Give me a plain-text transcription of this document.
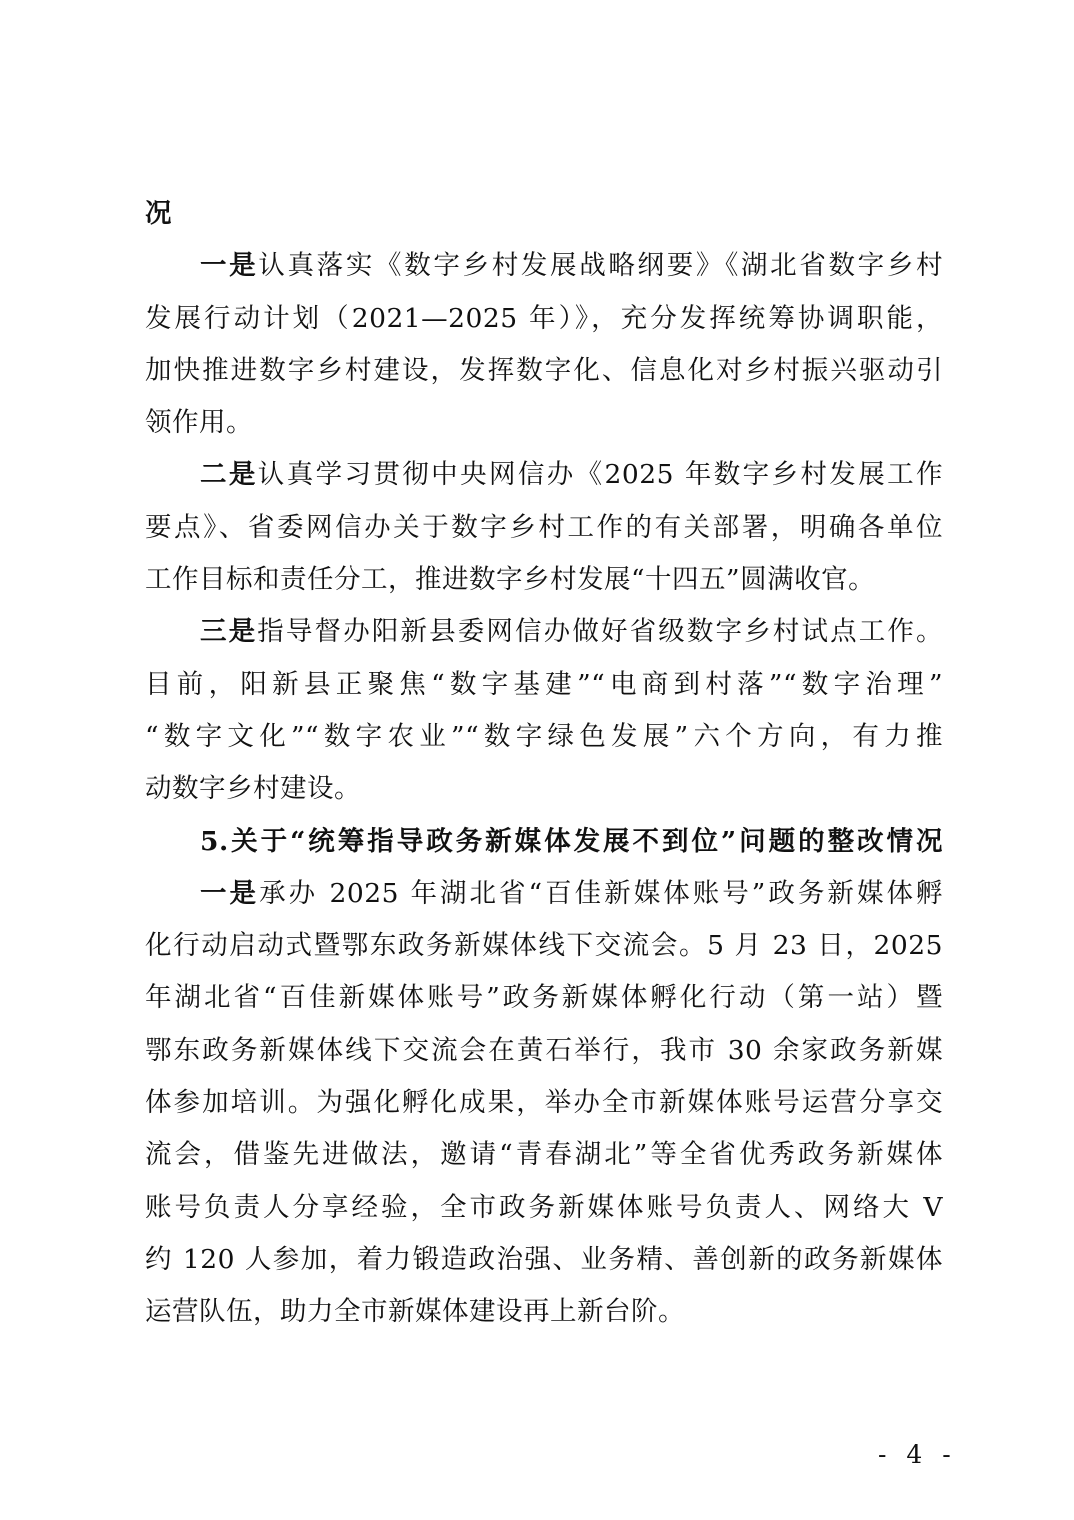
况
一是认真落实《数字乡村发展战略纲要》《湖北省数字乡村
发展行动计划（2021—2025 年）》，充分发挥统筹协调职能，
加快推进数字乡村建设，发挥数字化、信息化对乡村振兴驱动引
领作用。
二是认真学习贯彻中央网信办《2025 年数字乡村发展工作
要点》、省委网信办关于数字乡村工作的有关部署，明确各单位
工作目标和责任分工，推进数字乡村发展“十四五”圆满收官。
三是指导督办阳新县委网信办做好省级数字乡村试点工作。
目前，阳新县正聚焦“数字基建”“电商到村落”“数字治理”
“数字文化”“数字农业”“数字绿色发展”六个方向，有力推
动数字乡村建设。
5.关于“统筹指导政务新媒体发展不到位”问题的整改情况
一是承办 2025 年湖北省“百佳新媒体账号”政务新媒体孵
化行动启动式暨鄂东政务新媒体线下交流会。5 月 23 日，2025
年湖北省“百佳新媒体账号”政务新媒体孵化行动（第一站）暨
鄂东政务新媒体线下交流会在黄石举行，我市 30 余家政务新媒
体参加培训。为强化孵化成果，举办全市新媒体账号运营分享交
流会，借鉴先进做法，邀请“青春湖北”等全省优秀政务新媒体
账号负责人分享经验，全市政务新媒体账号负责人、网络大 V
约 120 人参加，着力锻造政治强、业务精、善创新的政务新媒体
运营队伍，助力全市新媒体建设再上新台阶。
- 4 -
